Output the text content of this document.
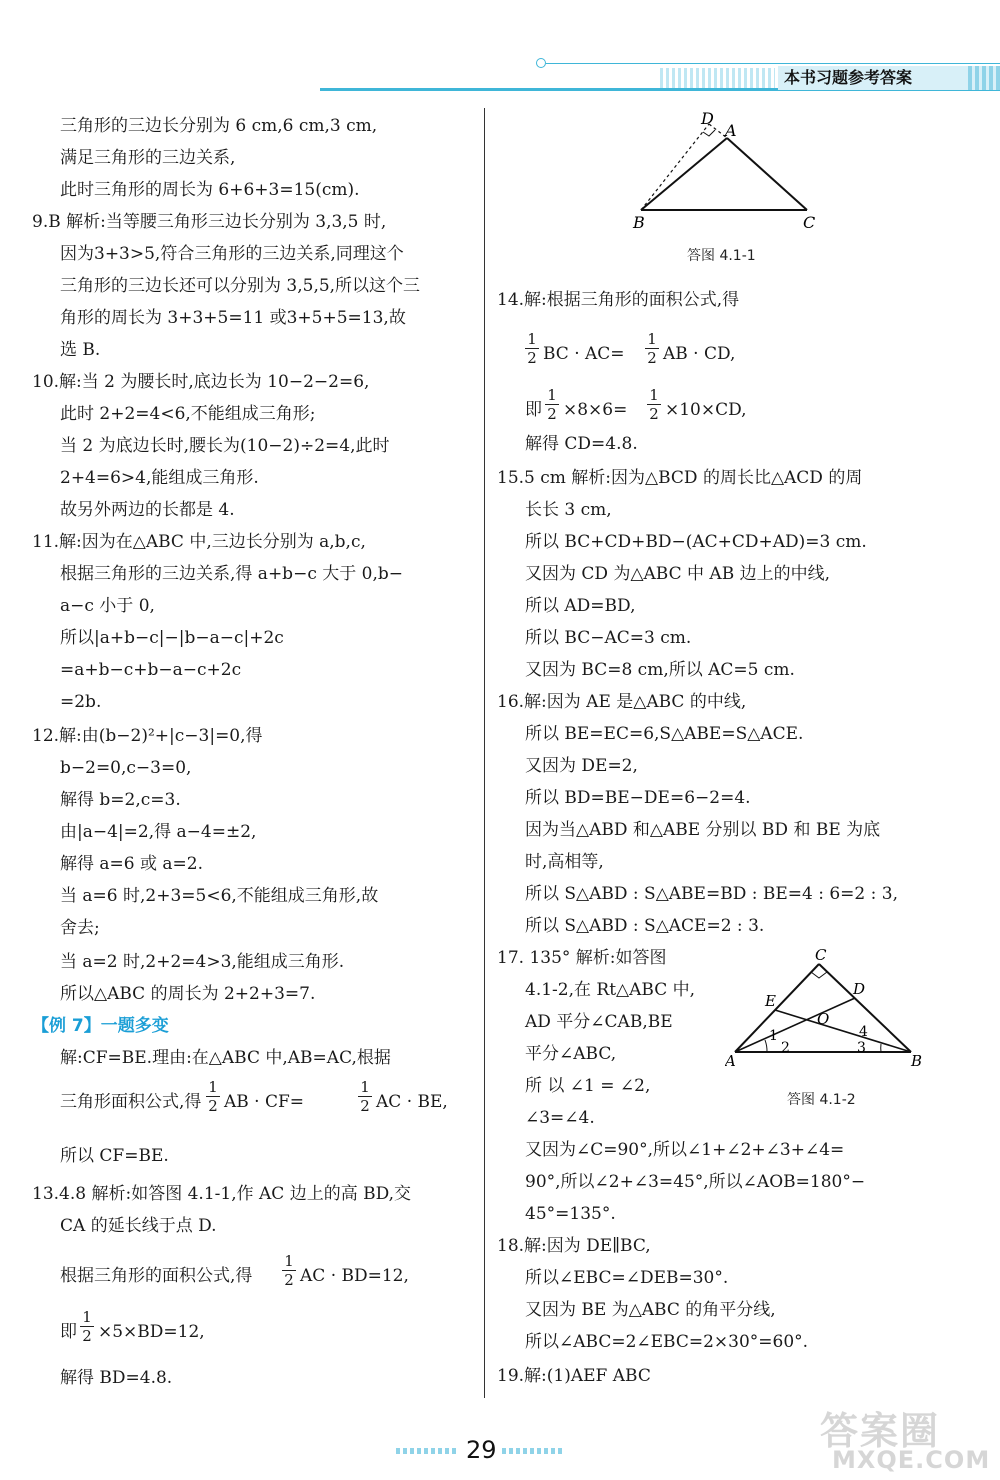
本书习题参考答案
三角形的三边长分别为 6 cm,6 cm,3 cm,
满足三角形的三边关系,
此时三角形的周长为 6+6+3=15(cm).
9.B 解析:当等腰三角形三边长分别为 3,3,5 时,
因为3+3>5,符合三角形的三边关系,同理这个
三角形的三边长还可以分别为 3,5,5,所以这个三
角形的周长为 3+3+5=11 或3+5+5=13,故
选 B.
10.解:当 2 为腰长时,底边长为 10−2−2=6,
此时 2+2=4<6,不能组成三角形;
当 2 为底边长时,腰长为(10−2)÷2=4,此时
2+4=6>4,能组成三角形.
故另外两边的长都是 4.
11.解:因为在△ABC 中,三边长分别为 a,b,c,
根据三角形的三边关系,得 a+b−c 大于 0,b−
a−c 小于 0,
所以|a+b−c|−|b−a−c|+2c
=a+b−c+b−a−c+2c
=2b.
12.解:由(b−2)²+|c−3|=0,得
b−2=0,c−3=0,
解得 b=2,c=3.
由|a−4|=2,得 a−4=±2,
解得 a=6 或 a=2.
当 a=6 时,2+3=5<6,不能组成三角形,故
舍去;
当 a=2 时,2+2=4>3,能组成三角形.
所以△ABC 的周长为 2+2+3=7.
【例 7】一题多变
解:CF=BE.理由:在△ABC 中,AB=AC,根据
三角形面积公式,得 $\frac{1}{2}$ AB · CF=	$\frac{1}{2}$ AC · BE,
所以 CF=BE.
13.4.8 解析:如答图 4.1-1,作 AC 边上的高 BD,交
CA 的延长线于点 D.
根据三角形的面积公式,得 $\frac{1}{2}$ AC · BD=12,
即 $\frac{1}{2} \times 5\times BD=12$,
解得 BD=4.8.
D
A
B	C
答图 4.1-1
14.解:根据三角形的面积公式,得
$\frac{1}{2}$ BC · $AC= \frac{1}{2}$ AB · CD,
即 $\frac{1}{2} \times 8\times 6= \frac{1}{2} \times 10\times CD$,
解得 CD=4.8.
15.5 cm 解析:因为△BCD 的周长比△ACD 的周
长长 3 cm,
所以 BC+CD+BD−(AC+CD+AD)=3 cm.
又因为 CD 为△ABC 中 AB 边上的中线,
所以 AD=BD,
所以 BC−AC=3 cm.
又因为 BC=8 cm,所以 AC=5 cm.
16.解:因为 AE 是△ABC 的中线,
所以 BE=EC=6,S△ABE=S△ACE.
又因为 DE=2,
所以 BD=BE−DE=6−2=4.
因为当△ABD 和△ABE 分别以 BD 和 BE 为底
时,高相等,
所以 S△ABD : S△ABE=BD : BE=4 : 6=2 : 3,
所以 S△ABD : S△ACE=2 : 3.
17. 135° 解析:如答图
4.1-2,在 Rt△ABC 中,
AD 平分∠CAB,BE
平分∠ABC,
所 以 ∠1 = ∠2,
∠3=∠4.
C
E
D
O
1
2
4
3
A	B
答图 4.1-2
又因为∠C=90°,所以∠1+∠2+∠3+∠4=
90°,所以∠2+∠3=45°,所以∠AOB=180°−
45°=135°.
18.解:因为 DE∥BC,
所以∠EBC=∠DEB=30°.
又因为 BE 为△ABC 的角平分线,
所以∠ABC=2∠EBC=2×30°=60°.
19.解:(1)AEF ABC
29	答案圈
MXQE.COM
